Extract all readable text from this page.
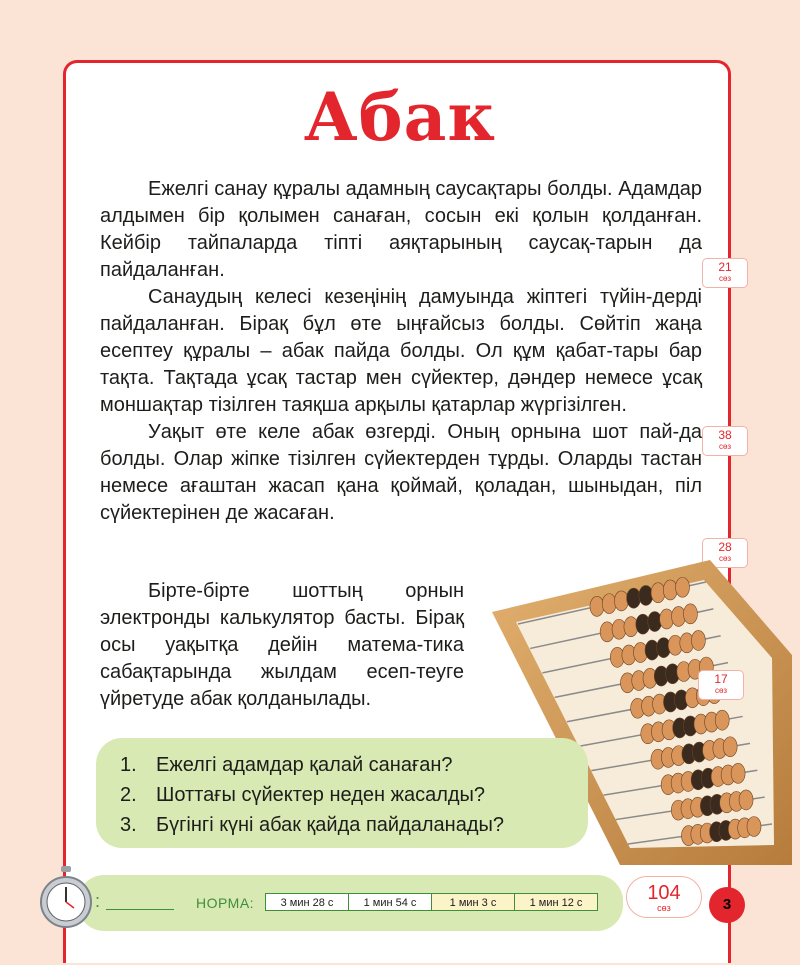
Абак

Ежелгі санау құралы адамның саусақтары болды. Адамдар алдымен бір қолымен санаған, сосын екі қолын қолданған. Кейбір тайпаларда тіпті аяқтарының саусақ-тарын да пайдаланған.

Санаудың келесі кезеңінің дамуында жіптегі түйін-дерді пайдаланған. Бірақ бұл өте ыңғайсыз болды. Сөйтіп жаңа есептеу құралы – абак пайда болды. Ол құм қабат-тары бар тақта. Тақтада ұсақ тастар мен сүйектер, дәндер немесе ұсақ моншақтар тізілген таяқша арқылы қатарлар жүргізілген.

Уақыт өте келе абак өзгерді. Оның орнына шот пай-да болды. Олар жіпке тізілген сүйектерден тұрды. Оларды тастан немесе ағаштан жасап қана қоймай, қоладан, шыныдан, піл сүйектерінен де жасаған.

Бірте-бірте шоттың орнын электронды калькулятор басты. Бірақ осы уақытқа дейін матема-тика сабақтарында жылдам есеп-теуге үйретуде абак қолданылады.

21
сөз
38
сөз
28
сөз
17
сөз
1. Ежелгі адамдар қалай санаған?
2. Шоттағы сүйектер неден жасалды?
3. Бүгінгі күні абак қайда пайдаланады?
:	НОРМА:	3 мин 28 с	1 мин 54 с	1 мин 3 с	1 мин 12 с	104
сөз	3
